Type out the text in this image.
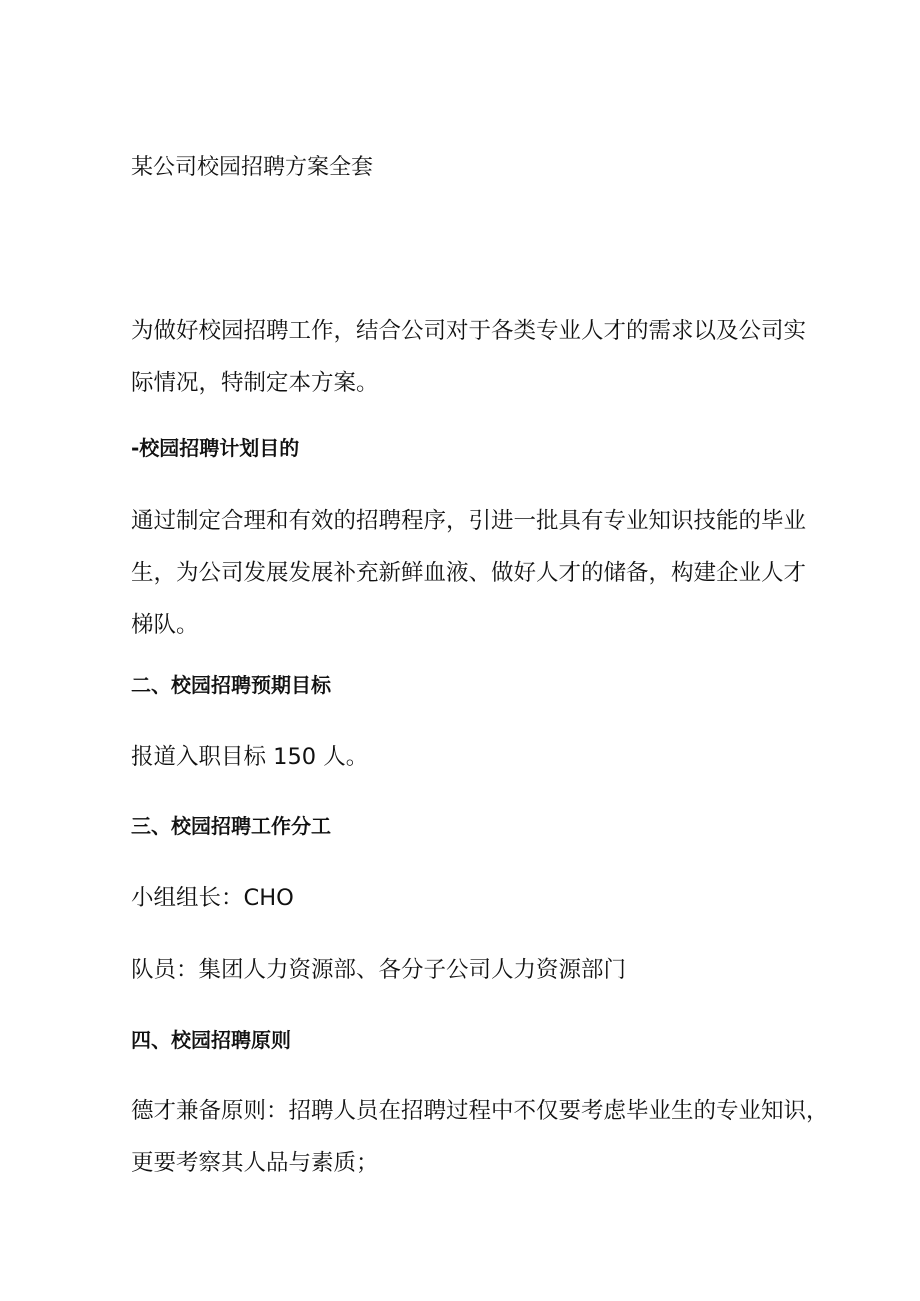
某公司校园招聘方案全套

为做好校园招聘工作，结合公司对于各类专业人才的需求以及公司实
际情况，特制定本方案。

-校园招聘计划目的

通过制定合理和有效的招聘程序，引进一批具有专业知识技能的毕业
生，为公司发展发展补充新鲜血液、做好人才的储备，构建企业人才
梯队。

二、校园招聘预期目标

报道入职目标 150 人。

三、校园招聘工作分工

小组组长：CHO

队员：集团人力资源部、各分子公司人力资源部门

四、校园招聘原则

德才兼备原则：招聘人员在招聘过程中不仅要考虑毕业生的专业知识，
更要考察其人品与素质；
